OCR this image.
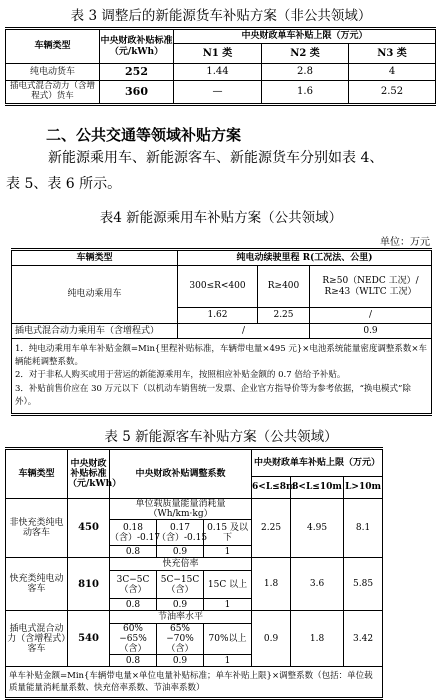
表 3 调整后的新能源货车补贴方案（非公共领域）
车辆类型	中央财政补贴标准（元/kWh）	中央财政单车补贴上限（万元）		
		N1 类	N2 类	N3 类
纯电动货车	252	1.44	2.8	4
插电式混合动力（含增程式）货车	360	—	1.6	2.52
二、公共交通等领域补贴方案
新能源乘用车、新能源客车、新能源货车分别如表 4、
表 5、表 6 所示。
表4 新能源乘用车补贴方案（公共领域）
单位：万元
车辆类型	纯电动续驶里程 R(工况法、公里)		
纯电动乘用车	300≤R<400	R≥400	R≥50（NEDC 工况）/
R≥43（WLTC 工况）

	1.62	2.25	/
插电式混合动力乘用车（含增程式）	/		0.9

1．纯电动乘用车单车补贴金额=Min{里程补贴标准，车辆带电量×495 元}×电池系统能量密度调整系数×车辆能耗调整系数。
2．对于非私人购买或用于营运的新能源乘用车，按照相应补贴金额的 0.7 倍给予补贴。
3．补贴前售价应在 30 万元以下（以机动车销售统一发票、企业官方指导价等为参考依据，“换电模式”除外）。			
表 5 新能源客车补贴方案（公共领域）
车辆类型	中央财政补贴标准（元/kWh）	中央财政补贴调整系数			中央财政单车补贴上限（万元）			
					6<L≤8m	8<L≤10m	L>10m	
非快充类纯电动客车	450	单位载质量能量消耗量（Wh/km·kg）			2.25	4.95	8.1	
		0.18（含）-0.17	0.17（含）-0.15	0.15 及以下				
		0.8	0.9	1				
快充类纯电动客车	810	快充倍率			1.8	3.6	5.85	
		3C−5C（含）	5C−15C（含）	15C 以上				
		0.8	0.9	1				
插电式混合动力（含增程式）客车	540	节油率水平			0.9	1.8	3.42	
		60%−65%（含）	65%−70%（含）	70%以上				
		0.8	0.9	1				
单车补贴金额=Min{车辆带电量×单位电量补贴标准；单车补贴上限}×调整系数（包括：单位载质量能量消耗量系数、快充倍率系数、节油率系数）								
